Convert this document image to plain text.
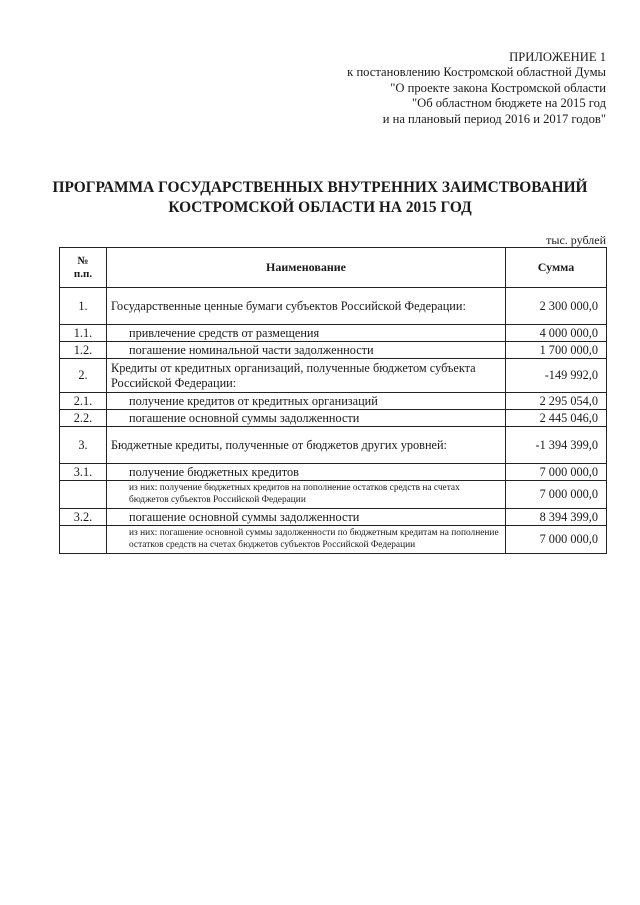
ПРИЛОЖЕНИЕ 1
к постановлению Костромской областной Думы
"О проекте закона Костромской области
"Об областном бюджете на 2015 год
и на плановый период 2016 и 2017 годов"
ПРОГРАММА ГОСУДАРСТВЕННЫХ ВНУТРЕННИХ ЗАИМСТВОВАНИЙ
КОСТРОМСКОЙ ОБЛАСТИ НА 2015 ГОД
тыс. рублей
№
п.п.	Наименование	Сумма
1.	Государственные ценные бумаги субъектов Российской Федерации:	2 300 000,0
1.1.	привлечение средств от размещения	4 000 000,0
1.2.	погашение номинальной части задолженности	1 700 000,0
2.	Кредиты от кредитных организаций, полученные бюджетом субъекта Российской Федерации:	-149 992,0
2.1.	получение кредитов от кредитных организаций	2 295 054,0
2.2.	погашение основной суммы задолженности	2 445 046,0
3.	Бюджетные кредиты, полученные от бюджетов других уровней:	-1 394 399,0
3.1.	получение бюджетных кредитов	7 000 000,0
	из них: получение бюджетных кредитов на пополнение остатков средств на счетах бюджетов субъектов Российской Федерации	7 000 000,0
3.2.	погашение основной суммы задолженности	8 394 399,0
	из них: погашение основной суммы задолженности по бюджетным кредитам на пополнение остатков средств на счетах бюджетов субъектов Российской Федерации	7 000 000,0
